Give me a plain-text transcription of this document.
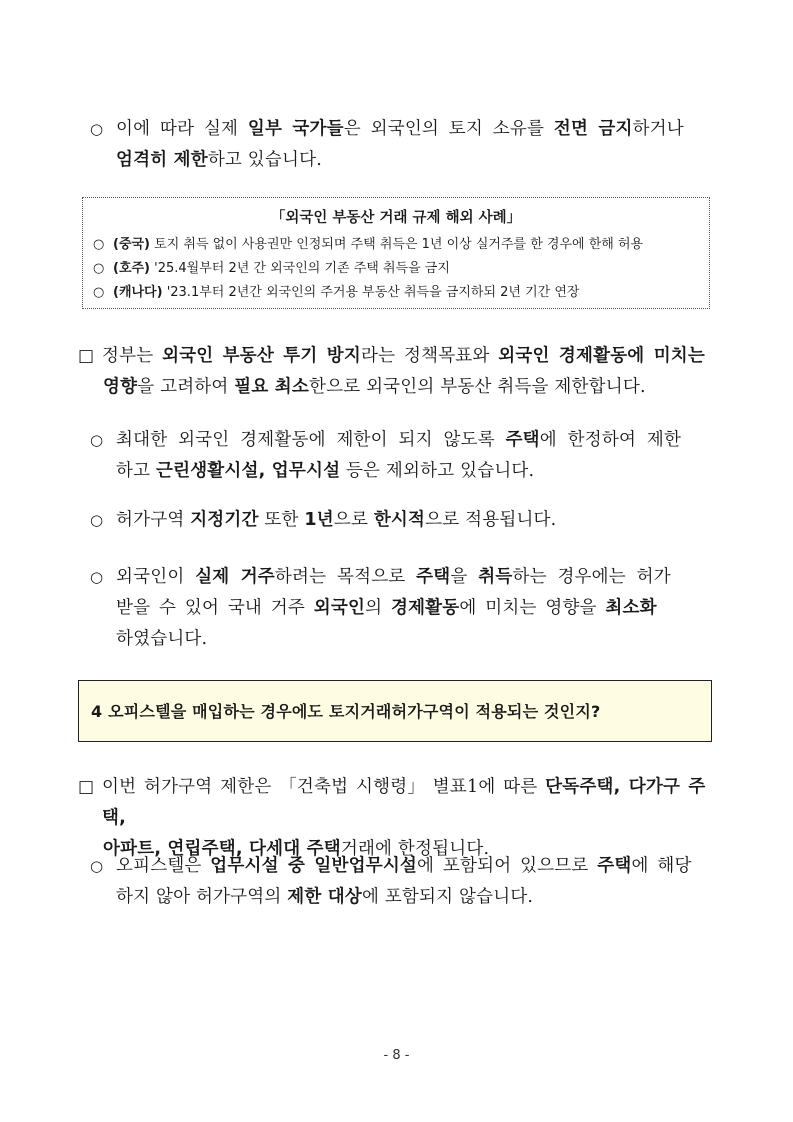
○ 이에 따라 실제 일부 국가들은 외국인의 토지 소유를 전면 금지하거나
엄격히 제한하고 있습니다.
「외국인 부동산 거래 규제 해외 사례」
○ (중국) 토지 취득 없이 사용권만 인정되며 주택 취득은 1년 이상 실거주를 한 경우에 한해 허용
○ (호주) '25.4월부터 2년 간 외국인의 기존 주택 취득을 금지
○ (캐나다) '23.1부터 2년간 외국인의 주거용 부동산 취득을 금지하되 2년 기간 연장
□ 정부는 외국인 부동산 투기 방지라는 정책목표와 외국인 경제활동에 미치는
영향을 고려하여 필요 최소한으로 외국인의 부동산 취득을 제한합니다.
○ 최대한 외국인 경제활동에 제한이 되지 않도록 주택에 한정하여 제한
하고 근린생활시설, 업무시설 등은 제외하고 있습니다.
○ 허가구역 지정기간 또한 1년으로 한시적으로 적용됩니다.
○ 외국인이 실제 거주하려는 목적으로 주택을 취득하는 경우에는 허가
받을 수 있어 국내 거주 외국인의 경제활동에 미치는 영향을 최소화
하였습니다.
4 오피스텔을 매입하는 경우에도 토지거래허가구역이 적용되는 것인지?
□ 이번 허가구역 제한은 「건축법 시행령」 별표1에 따른 단독주택, 다가구 주택,
아파트, 연립주택, 다세대 주택거래에 한정됩니다.
○ 오피스텔은 업무시설 중 일반업무시설에 포함되어 있으므로 주택에 해당
하지 않아 허가구역의 제한 대상에 포함되지 않습니다.
- 8 -
